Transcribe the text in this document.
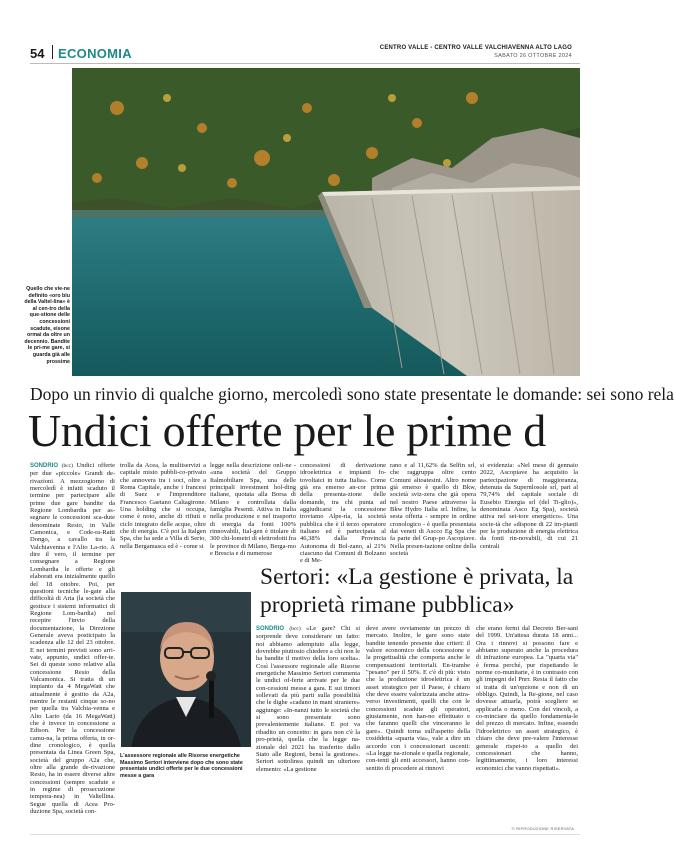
54 ECONOMIA	CENTRO VALLE - CENTRO VALLE VALCHIAVENNA ALTO LAGO
SABATO 26 OTTOBRE 2024
Quello che vie-ne definito «oro blu della Valtel-lina» è al cen-tro della que-stione delle concessioni scadute, eisone ormai da oltre un decennio. Bandite le pri-me gare, si guarda già alle prossime
Dopo un rinvio di qualche giorno, mercoledì sono state presentate le domande: sei sono rela
Undici offerte per le prime d

SONDRIO (bcc) Undici offerte per due «piccole» Grandi de-rivazioni. A mezzogiorno di mercoledì è infatti scaduto il termine per partecipare alle prime due gare bandite da Regione Lombardia per as-segnare le concessioni sca-dute denominate Resio, in Valle Camonica, e Code-ra-Ratti Dongo, a cavallo tra la Valchiavenna e l'Alto La-rio. A dire il vero, il termine per consegnare a Regione Lombardia le offerte e gli elaborati era inizialmente quello del 18 ottobre. Poi, per questioni tecniche le-gate alla difficoltà di Aria (la società che gestisce i sistemi informatici di Regione Lom-bardia) nel recepire l'invio della documentazione, la Direzione Generale aveva posticipato la scadenza alle 12 del 23 ottobre. E nei termini previsti sono arri-vate, appunto, undici offer-te. Sei di queste sono relative alla concessione Resio della Valcamonica. Si tratta di un impianto da 4 MegaWatt che attualmente è gestito da A2a, mentre le restanti cinque so-no per quella tra Valchia-venna e Alto Lario (da 16 MegaWatt) che è invece in concessione a Edison. Per la concessione camu-na, la prima offerta, in or-dine cronologico, è quella presentata da Linea Green Spa, società del gruppo A2a che, oltre alla grande de-rivazione Resio, ha in essere diverse altre concessioni (sempre scadute e in regime di prosecuzione tempora-nea) in Valtellina. Segue quella di Acea Pro-duzione Spa, società con-

trolla da Acea, la multiservizi a capitale misto pubbli-co-privato che annovera tra i soci, oltre a Roma Capitale, anche i francesi di Suez e l'imprenditore Francesco Gaetano Caltagirone. Una holding che si occupa, come è noto, anche di rifiuti e ciclo integrato delle acque, oltre che di energia. C'è poi la Italgen Spa, che ha sede a Villa di Serio, nella Bergamasca ed è - come si

legge nella descrizione onli-ne - «una società del Gruppo Italmobiliare Spa, una delle principali investment hol-ding italiane, quotata alla Borsa di Milano e controllata dalla famiglia Pesenti. Attiva in Italia nella produzione e nel trasporto di energia da fonti 100% rinnovabili, Ital-gen è titolare di 300 chi-lometri di elettrodotti fra le province di Milano, Berga-mo e Brescia e di numerose

concessioni di derivazione idroelettrica e impianti fo-tovoltaici in tutta Italia». Come già era emerso an-cor prima della presenta-zione delle domande, tra chi punta ad aggiudicarsi la concessione troviamo Alpe-rìa, la società pubblica che è il terzo operatore italiano ed è partecipata al 46,38% dalla Provincia Autonoma di Bol-zano, al 21% ciascuno dai Comuni di Bolzano e di Me-

rano e al 11,62% da Selfin srl, che raggruppa oltre cento Comuni altoatesini. Altro nome già emerso è quello di Bkw, società sviz-zera che già opera nel nostro Paese attraverso la Bkw Hydro Italia srl. Infine, la sesta offerta - sempre in ordine cronologico - è quella presentata dai veneti di Ascco Eg Spa che fa parte del Grup-po Ascopiave. Nella presen-tazione online della società

si evidenzia: «Nel mese di gennaio 2022, Ascopiave ha acquisito la partecipazione di maggioranza, detenuta da Supernlosole srl, pari al 79,74% del capitale sociale di Eusebio Energia srl (del Ti-glio)», denominata Asco Eg Spa), società attiva nel set-tore energetico». Una socie-tà che «dispone di 22 im-pianti per la produzione di energia elettrica da fonti rin-novabili, di cui 21 centrali

L'assessore regionale alle Risorse energetiche Massimo Sertori interviene dopo che sono state presentate undici offerte per le due concessioni messe a gara
Sertori: «La gestione è privata, la proprietà rimane pubblica»

SONDRIO (bcc) «Le gare? Chi si sorprende deve considerare un fatto: noi abbiamo adempiuto alla legge, dovrebbe piuttosto chiedere a chi non le ha bandite il motivo della loro scelta». Così l'assessore regionale alle Risorse energetiche Massimo Sertori commenta le undici of-ferte arrivate per le due con-cessioni messe a gara. E sui timori sollevati da più parti sulla possibilità che le dighe «cadano in mani straniere» aggiunge: «In-nanzi tutto le società che si sono presentate sono prevalentemente italiane. E poi va ribadito un concetto: in gara non c'è la pro-prietà, quella che la legge na-zionale del 2021 ha trasferito dallo Stato alle Regioni, bensì la gestione». Sertori sottolinea quindi un ulteriore elemento: «La gestione

deve avere ovviamente un prezzo di mercato. Inoltre, le gare sono state bandite tenendo presente due criteri: il valore economico della concessione e la progettualità che comporta anche le compensazioni territoriali. En-trambe "pesano" per il 50%. E c'è di più: visto che la produzione idroelettrica è un asset strategico per il Paese, è chiaro che deve essere valorizzata anche attra-verso investimenti, quelli che con le concessioni scadute gli operatori, giustamente, non han-no effettuato e che faranno quelli che vinceranno le gare». Quindi torna sull'aspetto della cosiddetta «quarta via», vale a dire un accordo con i concessionari uscenti: «La legge na-zionale e quella regionale, con-tenti gli enti accessori, hanno con-sentito di procedere ai rinnovi

che erano fermi dal Decreto Ber-sani del 1999. Un'attesa durata 18 anni... Ora i rinnovi si possono fare e abbiamo superato anche la procedura di infrazione europea. La "quarta via" è ferma perché, pur rispettando le norme co-munitarie, è in contrasto con gli impegni del Pnrr. Resta il fatto che si tratta di un'opzione e non di un obbligo. Quindi, la Re-gione, nel caso dovesse attuarla, potrà scegliere se applicarla o meno. Con dei vincoli, a co-minciare da quello fondamenta-le del prezzo di mercato. Infine, essendo l'idroelettrico un asset strategico, è chiaro che deve pre-valere l'interesse generale rispet-to a quello dei concessionari che hanno, legittimamente, i loro interessi economici che vanno rispettati».

© RIPRODUZIONE RISERVATA
